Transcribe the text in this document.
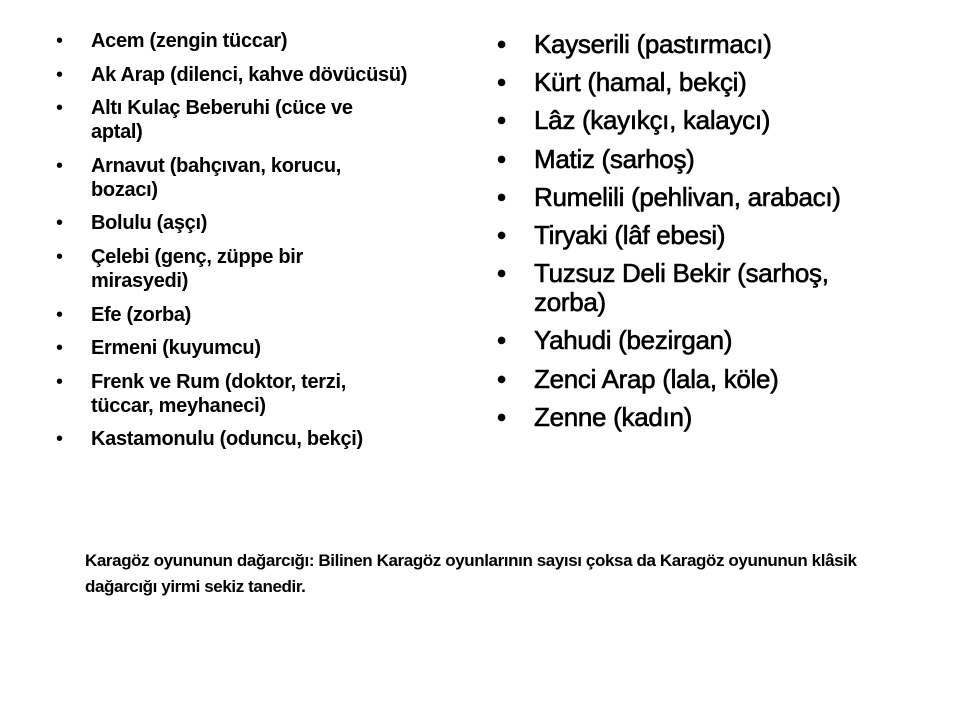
• Acem (zengin tüccar)
• Ak Arap (dilenci, kahve dövücüsü)
• Altı Kulaç Beberuhi (cüce ve aptal)
• Arnavut (bahçıvan, korucu, bozacı)
• Bolulu (aşçı)
• Çelebi (genç, züppe bir mirasyedi)
• Efe (zorba)
• Ermeni (kuyumcu)
• Frenk ve Rum (doktor, terzi, tüccar, meyhaneci)
• Kastamonulu (oduncu, bekçi)
• Kayserili (pastırmacı)
• Kürt (hamal, bekçi)
• Lâz (kayıkçı, kalaycı)
• Matiz (sarhoş)
• Rumelili (pehlivan, arabacı)
• Tiryaki (lâf ebesi)
• Tuzsuz Deli Bekir (sarhoş, zorba)
• Yahudi (bezirgan)
• Zenci Arap (lala, köle)
• Zenne (kadın)

Karagöz oyununun dağarcığı: Bilinen Karagöz oyunlarının sayısı çoksa da Karagöz oyununun klâsik dağarcığı yirmi sekiz tanedir.
